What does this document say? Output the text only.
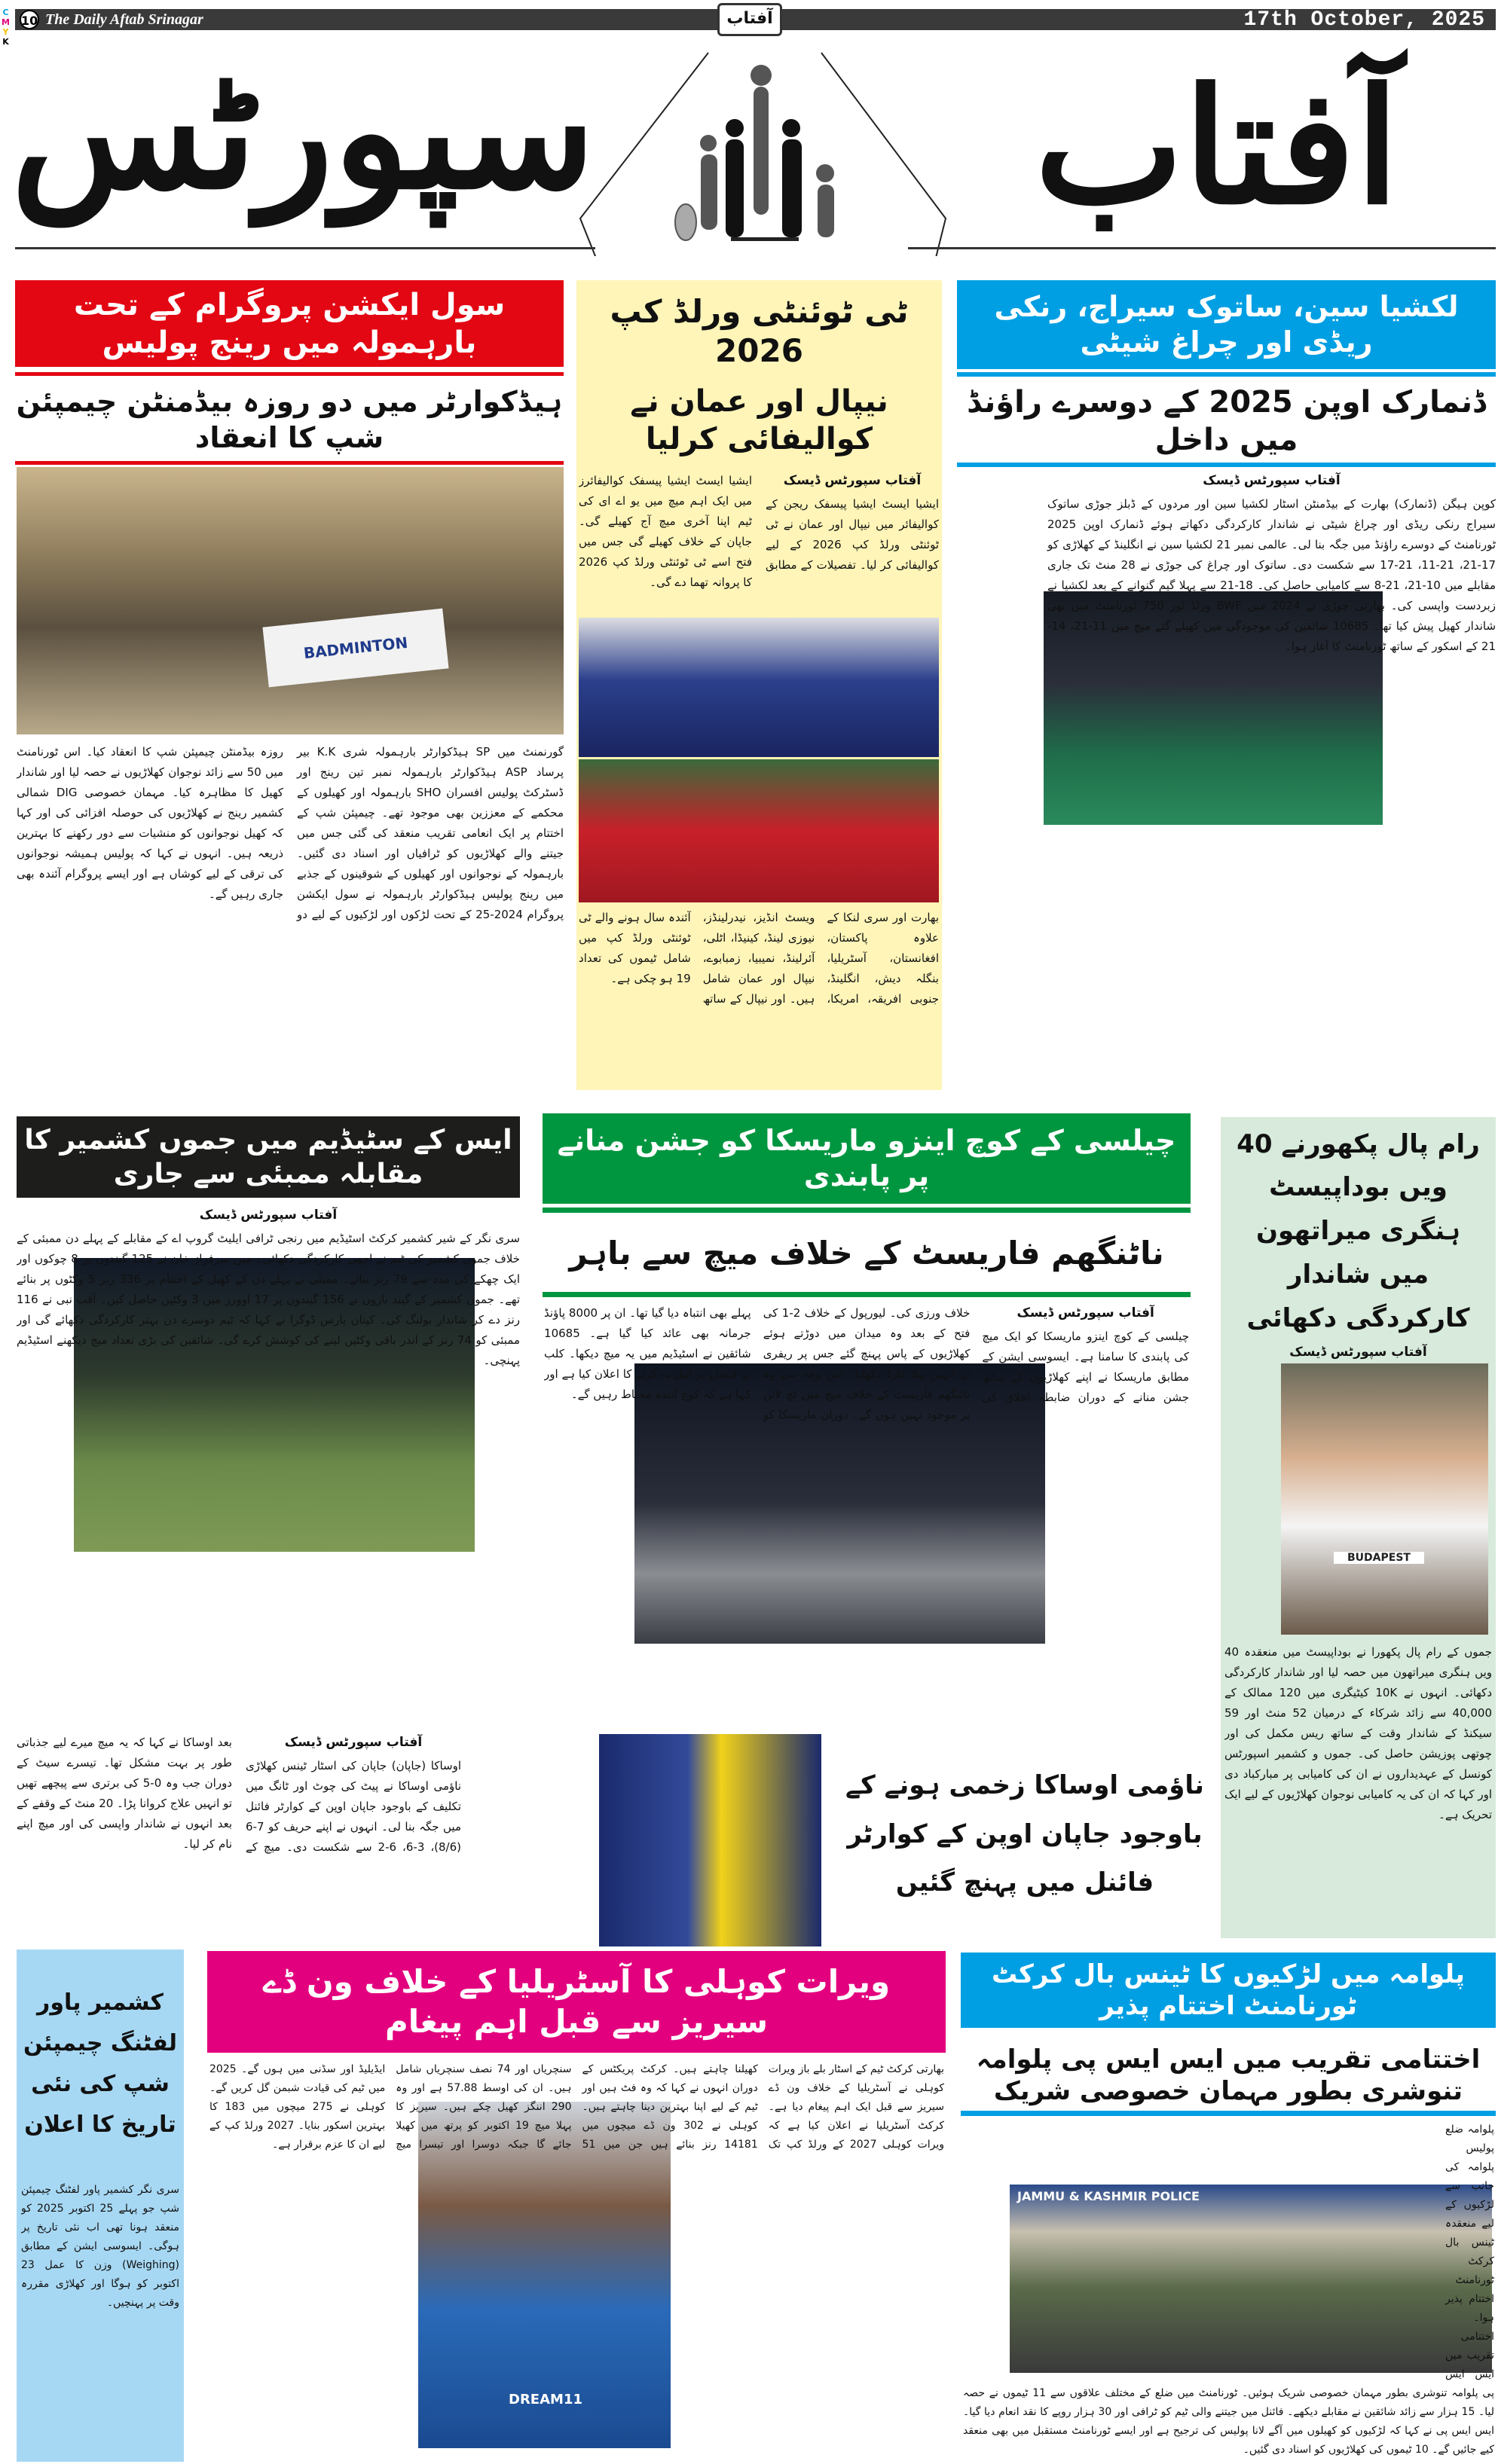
CMYK 10 The Daily Aftab Srinagar	17th October, 2025
آفتاب
آفتاب
سپورٹس
سول ایکشن پروگرام کے تحت بارہمولہ میں رینج پولیس
ہیڈکوارٹر میں دو روزہ بیڈمنٹن چیمپئن شپ کا انعقاد
BADMINTON
گورنمنٹ میں SP ہیڈکوارٹر بارہمولہ شری K.K بیر پرساد ASP ہیڈکوارٹر بارہمولہ نمبر تین رینج اور ڈسٹرکٹ پولیس افسران SHO بارہمولہ اور کھیلوں کے محکمے کے معززین بھی موجود تھے۔ چیمپئن شپ کے اختتام پر ایک انعامی تقریب منعقد کی گئی جس میں جیتنے والے کھلاڑیوں کو ٹرافیاں اور اسناد دی گئیں۔ بارہمولہ کے نوجوانوں اور کھیلوں کے شوقینوں کے جذبے میں رینج پولیس ہیڈکوارٹر بارہمولہ نے سول ایکشن پروگرام 2024-25 کے تحت لڑکوں اور لڑکیوں کے لیے دو روزہ بیڈمنٹن چیمپئن شپ کا انعقاد کیا۔ اس ٹورنامنٹ میں 50 سے زائد نوجوان کھلاڑیوں نے حصہ لیا اور شاندار کھیل کا مظاہرہ کیا۔ مہمان خصوصی DIG شمالی کشمیر رینج نے کھلاڑیوں کی حوصلہ افزائی کی اور کہا کہ کھیل نوجوانوں کو منشیات سے دور رکھنے کا بہترین ذریعہ ہیں۔ انہوں نے کہا کہ پولیس ہمیشہ نوجوانوں کی ترقی کے لیے کوشاں ہے اور ایسے پروگرام آئندہ بھی جاری رہیں گے۔
ٹی ٹوئنٹی ورلڈ کپ 2026
نیپال اور عمان نے کوالیفائی کرلیا
آفتاب سپورٹس ڈیسک
ایشیا ایسٹ ایشیا پیسفک ریجن کے کوالیفائر میں نیپال اور عمان نے ٹی ٹوئنٹی ورلڈ کپ 2026 کے لیے کوالیفائی کر لیا۔ تفصیلات کے مطابق ایشیا ایسٹ ایشیا پیسفک کوالیفائرز میں ایک اہم میچ میں یو اے ای کی ٹیم اپنا آخری میچ آج کھیلے گی۔ جاپان کے خلاف کھیلے گی جس میں فتح اسے ٹی ٹوئنٹی ورلڈ کپ 2026 کا پروانہ تھما دے گی۔
بھارت اور سری لنکا کے علاوہ پاکستان، افغانستان، آسٹریلیا، بنگلہ دیش، انگلینڈ، جنوبی افریقہ، امریکا، ویسٹ انڈیز، نیدرلینڈز، نیوزی لینڈ، کینیڈا، اٹلی، آئرلینڈ، نمیبیا، زمبابوے، نیپال اور عمان شامل ہیں۔ اور نیپال کے ساتھ آئندہ سال ہونے والے ٹی ٹوئنٹی ورلڈ کپ میں شامل ٹیموں کی تعداد 19 ہو چکی ہے۔
لکشیا سین، ساتوک سیراج، رنکی ریڈی اور چراغ شیٹی
ڈنمارک اوپن 2025 کے دوسرے راؤنڈ میں داخل
آفتاب سپورٹس ڈیسک
کوپن ہیگن (ڈنمارک) بھارت کے بیڈمنٹن اسٹار لکشیا سین اور مردوں کے ڈبلز جوڑی ساتوک سیراج رنکی ریڈی اور چراغ شیٹی نے شاندار کارکردگی دکھاتے ہوئے ڈنمارک اوپن 2025 ٹورنامنٹ کے دوسرے راؤنڈ میں جگہ بنا لی۔ عالمی نمبر 21 لکشیا سین نے انگلینڈ کے کھلاڑی کو 17-21، 21-11، 21-17 سے شکست دی۔ ساتوک اور چراغ کی جوڑی نے 28 منٹ تک جاری مقابلے میں 10-21، 21-8 سے کامیابی حاصل کی۔ 18-21 سے پہلا گیم گنوانے کے بعد لکشیا نے زبردست واپسی کی۔ بھارتی جوڑی نے 2024 میں BWF ورلڈ ٹور 750 ٹورنامنٹ میں بھی شاندار کھیل پیش کیا تھا۔ 10685 شائقین کی موجودگی میں کھیلے گئے میچ میں 11-21، 14-21 کے اسکور کے ساتھ ٹورنامنٹ کا آغاز ہوا۔
ایس کے سٹیڈیم میں جموں کشمیر کا مقابلہ ممبئی سے جاری
آفتاب سپورٹس ڈیسک
سری نگر کے شیر کشمیر کرکٹ اسٹیڈیم میں رنجی ٹرافی ایلیٹ گروپ اے کے مقابلے کے پہلے دن ممبئی کے خلاف جموں کشمیر کی ٹیم نے اچھی کارکردگی دکھائی۔ میں سرفراز خان نے 125 گیندوں پر 8 چوکوں اور ایک چھکے کی مدد سے 79 رنز بنائے۔ ممبئی نے پہلے دن کے کھیل کے اختتام پر 336 رنز 5 وکٹوں پر بنائے تھے۔ جموں کشمیر کے گیند بازوں نے 156 گیندوں پر 17 اوورز میں 3 وکٹیں حاصل کیں۔ آقب نبی نے 116 رنز دے کر شاندار بولنگ کی۔ کپتان پارس ڈوگرا نے کہا کہ ٹیم دوسرے دن بہتر کارکردگی دکھائے گی اور ممبئی کو 74 رنز کے اندر باقی وکٹیں لینے کی کوشش کرے گی۔ شائقین کی بڑی تعداد میچ دیکھنے اسٹیڈیم پہنچی۔
چیلسی کے کوچ اینزو ماریسکا کو جشن منانے پر پابندی
ناٹنگھم فاریسٹ کے خلاف میچ سے باہر
آفتاب سپورٹس ڈیسک
چیلسی کے کوچ اینزو ماریسکا کو ایک میچ کی پابندی کا سامنا ہے۔ ایسوسی ایشن کے مطابق ماریسکا نے اپنے کھلاڑیوں کے ساتھ جشن منانے کے دوران ضابطہ اخلاق کی خلاف ورزی کی۔ لیورپول کے خلاف 2-1 کی فتح کے بعد وہ میدان میں دوڑتے ہوئے کھلاڑیوں کے پاس پہنچ گئے جس پر ریفری نے انہیں پیلا کارڈ دکھایا۔ اس وجہ سے وہ ناٹنگھم فاریسٹ کے خلاف میچ میں ٹچ لائن پر موجود نہیں ہوں گے۔ دوران ماریسکا کو پہلے بھی انتباہ دیا گیا تھا۔ ان پر 8000 پاؤنڈ جرمانہ بھی عائد کیا گیا ہے۔ 10685 شائقین نے اسٹیڈیم میں یہ میچ دیکھا۔ کلب نے فیصلے پر اپیل نہ کرنے کا اعلان کیا ہے اور کہا ہے کہ کوچ آئندہ محتاط رہیں گے۔
رام پال پکھورنے 40 ویں بوداپیسٹ ہنگری میراتھون میں شاندار کارکردگی دکھائی
آفتاب سپورٹس ڈیسک
BUDAPEST
جموں کے رام پال پکھورا نے بوداپیسٹ میں منعقدہ 40 ویں ہنگری میراتھون میں حصہ لیا اور شاندار کارکردگی دکھائی۔ انہوں نے 10K کیٹیگری میں 120 ممالک کے 40,000 سے زائد شرکاء کے درمیان 52 منٹ اور 59 سیکنڈ کے شاندار وقت کے ساتھ ریس مکمل کی اور چوتھی پوزیشن حاصل کی۔ جموں و کشمیر اسپورٹس کونسل کے عہدیداروں نے ان کی کامیابی پر مبارکباد دی اور کہا کہ ان کی یہ کامیابی نوجوان کھلاڑیوں کے لیے ایک تحریک ہے۔
آفتاب سپورٹس ڈیسک
اوساکا (جاپان) جاپان کی اسٹار ٹینس کھلاڑی ناؤمی اوساکا نے پیٹ کی چوٹ اور ٹانگ میں تکلیف کے باوجود جاپان اوپن کے کوارٹر فائنل میں جگہ بنا لی۔ انہوں نے اپنے حریف کو 7-6 (8/6)، 3-6، 6-2 سے شکست دی۔ میچ کے بعد اوساکا نے کہا کہ یہ میچ میرے لیے جذباتی طور پر بہت مشکل تھا۔ تیسرے سیٹ کے دوران جب وہ 0-5 کی برتری سے پیچھے تھیں تو انہیں علاج کروانا پڑا۔ 20 منٹ کے وقفے کے بعد انہوں نے شاندار واپسی کی اور میچ اپنے نام کر لیا۔
ناؤمی اوساکا زخمی ہونے کے باوجود جاپان اوپن کے کوارٹر فائنل میں پہنچ گئیں
کشمیر پاور لفٹنگ چیمپئن شپ کی نئی تاریخ کا اعلان
سری نگر کشمیر پاور لفٹنگ چیمپئن شپ جو پہلے 25 اکتوبر 2025 کو منعقد ہونا تھی اب نئی تاریخ پر ہوگی۔ ایسوسی ایشن کے مطابق (Weighing) وزن کا عمل 23 اکتوبر کو ہوگا اور کھلاڑی مقررہ وقت پر پہنچیں۔
ویرات کوہلی کا آسٹریلیا کے خلاف ون ڈے سیریز سے قبل اہم پیغام
DREAM11
بھارتی کرکٹ ٹیم کے اسٹار بلے باز ویرات کوہلی نے آسٹریلیا کے خلاف ون ڈے سیریز سے قبل ایک اہم پیغام دیا ہے۔ کرکٹ آسٹریلیا نے اعلان کیا ہے کہ ویرات کوہلی 2027 کے ورلڈ کپ تک کھیلنا چاہتے ہیں۔ کرکٹ پریکٹس کے دوران انہوں نے کہا کہ وہ فٹ ہیں اور ٹیم کے لیے اپنا بہترین دینا چاہتے ہیں۔ کوہلی نے 302 ون ڈے میچوں میں 14181 رنز بنائے ہیں جن میں 51 سنچریاں اور 74 نصف سنچریاں شامل ہیں۔ ان کی اوسط 57.88 ہے اور وہ 290 اننگز کھیل چکے ہیں۔ سیریز کا پہلا میچ 19 اکتوبر کو پرتھ میں کھیلا جائے گا جبکہ دوسرا اور تیسرا میچ ایڈیلیڈ اور سڈنی میں ہوں گے۔ 2025 میں ٹیم کی قیادت شبمن گل کریں گے۔ کوہلی نے 275 میچوں میں 183 کا بہترین اسکور بنایا۔ 2027 ورلڈ کپ کے لیے ان کا عزم برقرار ہے۔
پلوامہ میں لڑکیوں کا ٹینس بال کرکٹ ٹورنامنٹ اختتام پذیر
اختتامی تقریب میں ایس ایس پی پلوامہ تنوشری بطور مہمان خصوصی شریک
JAMMU & KASHMIR POLICE
پلوامہ ضلع پولیس پلوامہ کی جانب سے لڑکیوں کے لیے منعقدہ ٹینس بال کرکٹ ٹورنامنٹ اختتام پذیر ہوا۔ اختتامی تقریب میں ایس ایس پی پلوامہ تنوشری بطور مہمان خصوصی شریک ہوئیں۔ ٹورنامنٹ میں ضلع کے مختلف علاقوں سے 11 ٹیموں نے حصہ لیا۔ 15 ہزار سے زائد شائقین نے مقابلے دیکھے۔ فائنل میں جیتنے والی ٹیم کو ٹرافی اور 30 ہزار روپے کا نقد انعام دیا گیا۔ ایس ایس پی نے کہا کہ لڑکیوں کو کھیلوں میں آگے لانا پولیس کی ترجیح ہے اور ایسے ٹورنامنٹ مستقبل میں بھی منعقد کیے جائیں گے۔ 10 ٹیموں کی کھلاڑیوں کو اسناد دی گئیں۔
